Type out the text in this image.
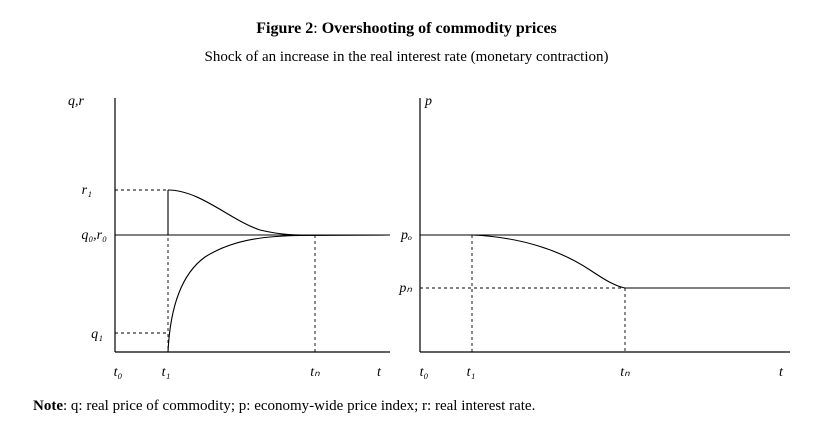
Figure 2: Overshooting of commodity prices
Shock of an increase in the real interest rate (monetary contraction)
r₁
q₀,r₀
q₁
q,r
t
t₀	t₁	tₙ
pₒ
pₙ
p
t
t₀	t₁	tₙ
Note: q: real price of commodity; p: economy-wide price index; r: real interest rate.
